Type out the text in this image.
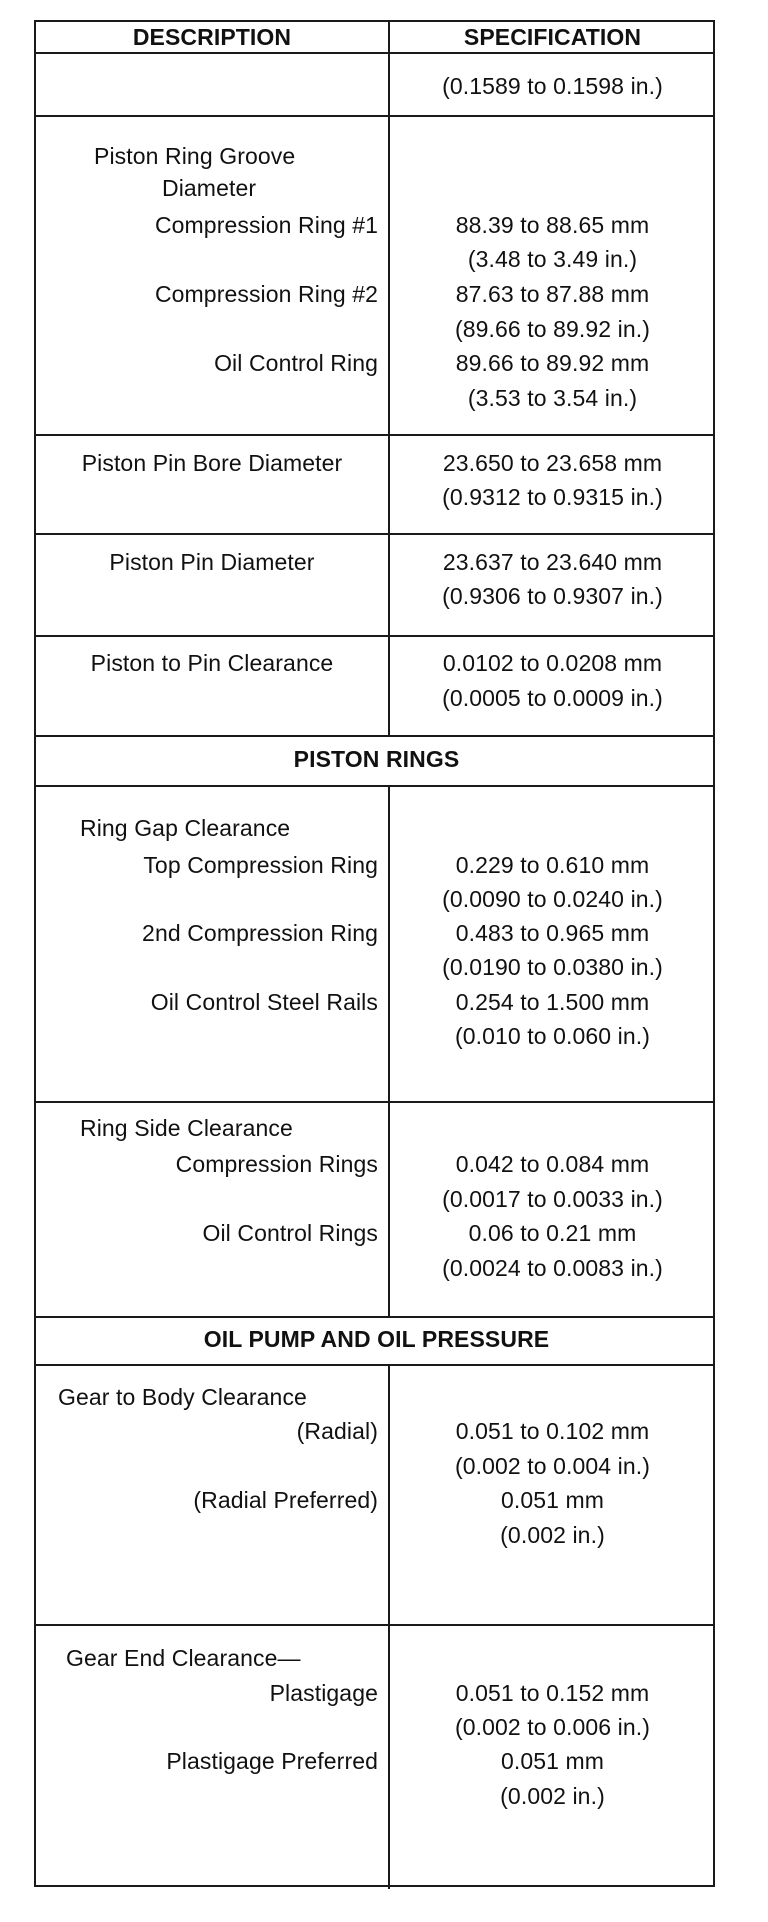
DESCRIPTION	SPECIFICATION
(0.1589 to 0.1598 in.)
Piston Ring Groove
Diameter
Compression Ring #1	88.39 to 88.65 mm
(3.48 to 3.49 in.)
Compression Ring #2	87.63 to 87.88 mm
(89.66 to 89.92 in.)
Oil Control Ring	89.66 to 89.92 mm
(3.53 to 3.54 in.)
Piston Pin Bore Diameter	23.650 to 23.658 mm
(0.9312 to 0.9315 in.)
Piston Pin Diameter	23.637 to 23.640 mm
(0.9306 to 0.9307 in.)
Piston to Pin Clearance	0.0102 to 0.0208 mm
(0.0005 to 0.0009 in.)
PISTON RINGS
Ring Gap Clearance
Top Compression Ring	0.229 to 0.610 mm
(0.0090 to 0.0240 in.)
2nd Compression Ring	0.483 to 0.965 mm
(0.0190 to 0.0380 in.)
Oil Control Steel Rails	0.254 to 1.500 mm
(0.010 to 0.060 in.)
Ring Side Clearance
Compression Rings	0.042 to 0.084 mm
(0.0017 to 0.0033 in.)
Oil Control Rings	0.06 to 0.21 mm
(0.0024 to 0.0083 in.)
OIL PUMP AND OIL PRESSURE
Gear to Body Clearance
(Radial)	0.051 to 0.102 mm
(0.002 to 0.004 in.)
(Radial Preferred)	0.051 mm
(0.002 in.)
Gear End Clearance—
Plastigage	0.051 to 0.152 mm
(0.002 to 0.006 in.)
Plastigage Preferred	0.051 mm
(0.002 in.)
